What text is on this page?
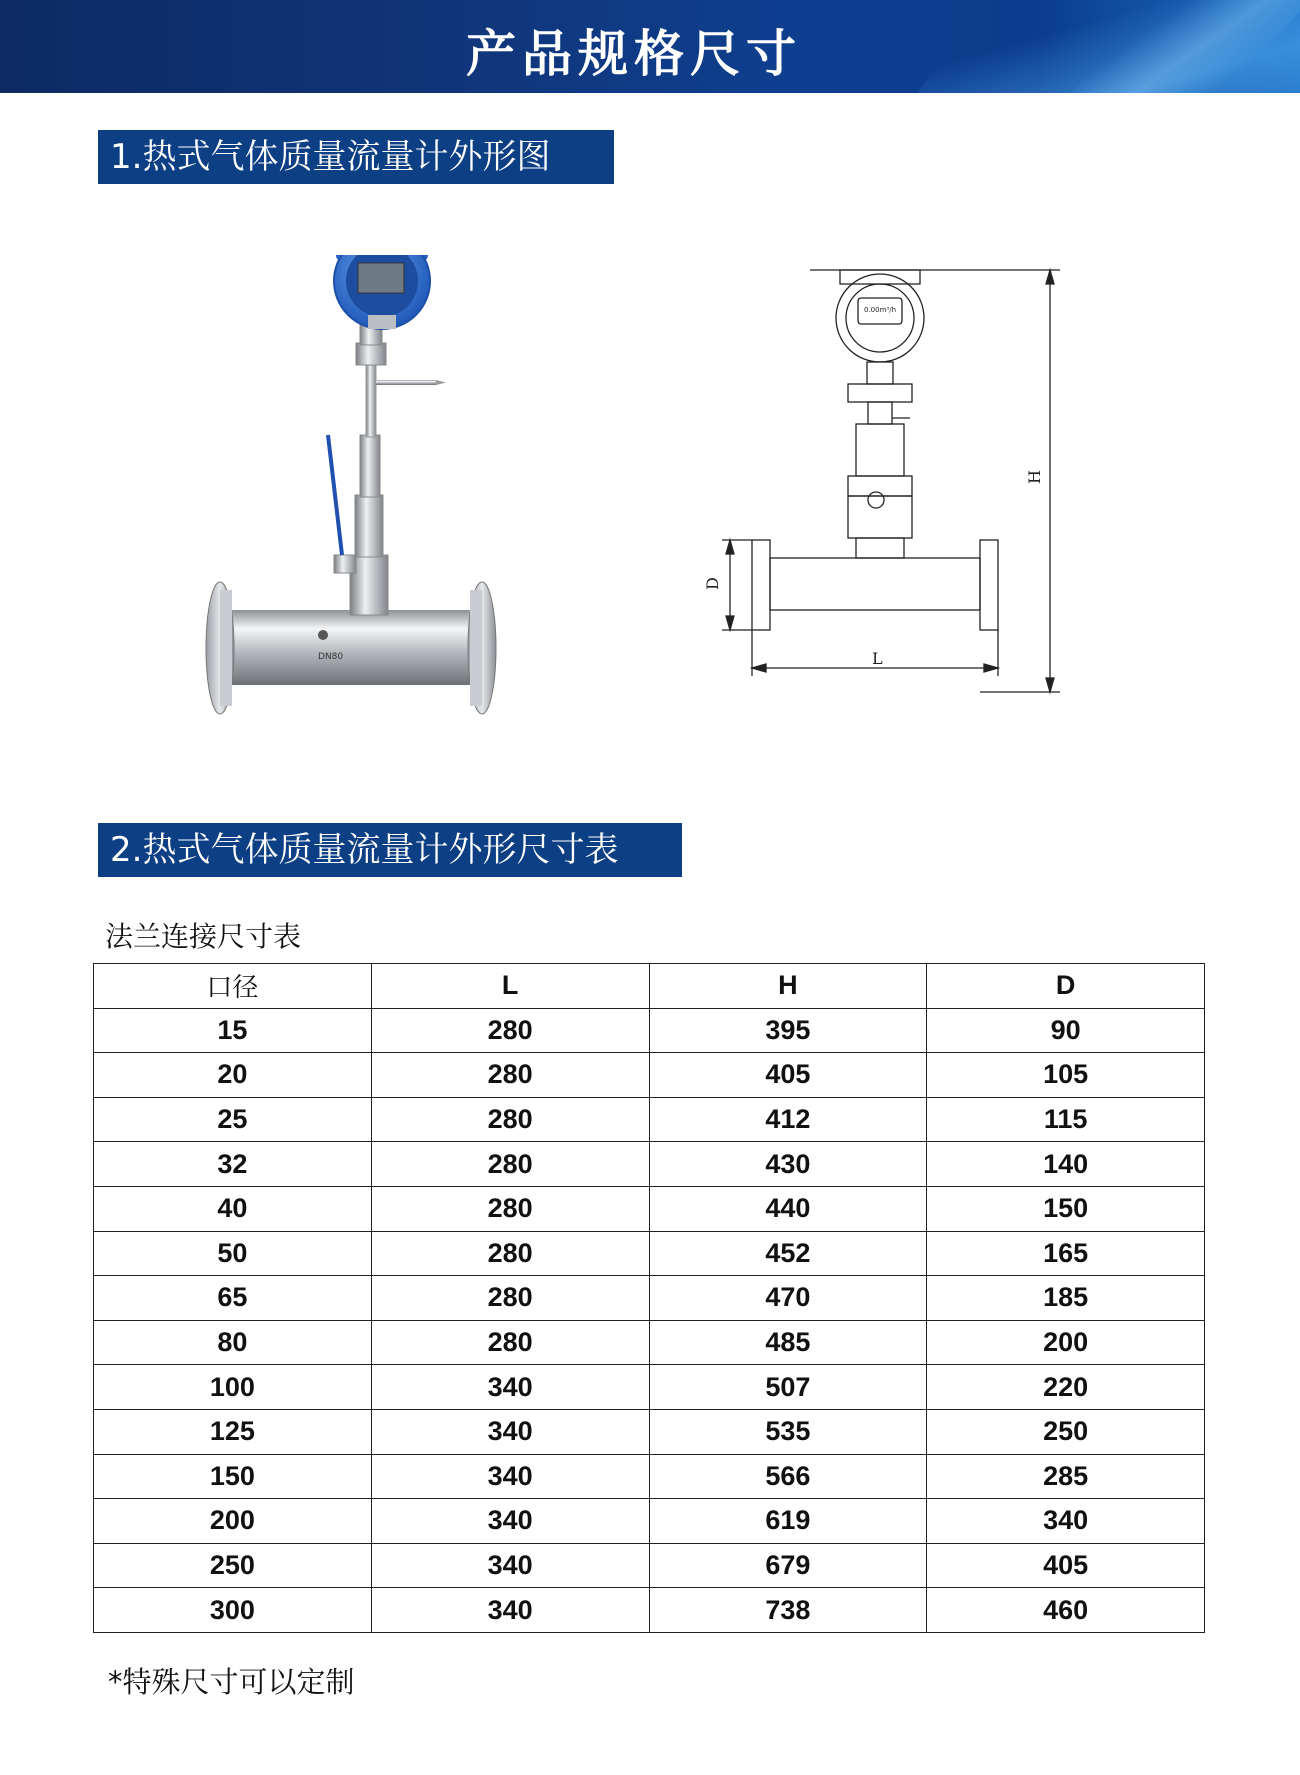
产品规格尺寸
1.热式气体质量流量计外形图
DN80
0.00m³/h
D
L
H
2.热式气体质量流量计外形尺寸表
法兰连接尺寸表
口径	L	H	D
15	280	395	90
20	280	405	105
25	280	412	115
32	280	430	140
40	280	440	150
50	280	452	165
65	280	470	185
80	280	485	200
100	340	507	220
125	340	535	250
150	340	566	285
200	340	619	340
250	340	679	405
300	340	738	460
*特殊尺寸可以定制
